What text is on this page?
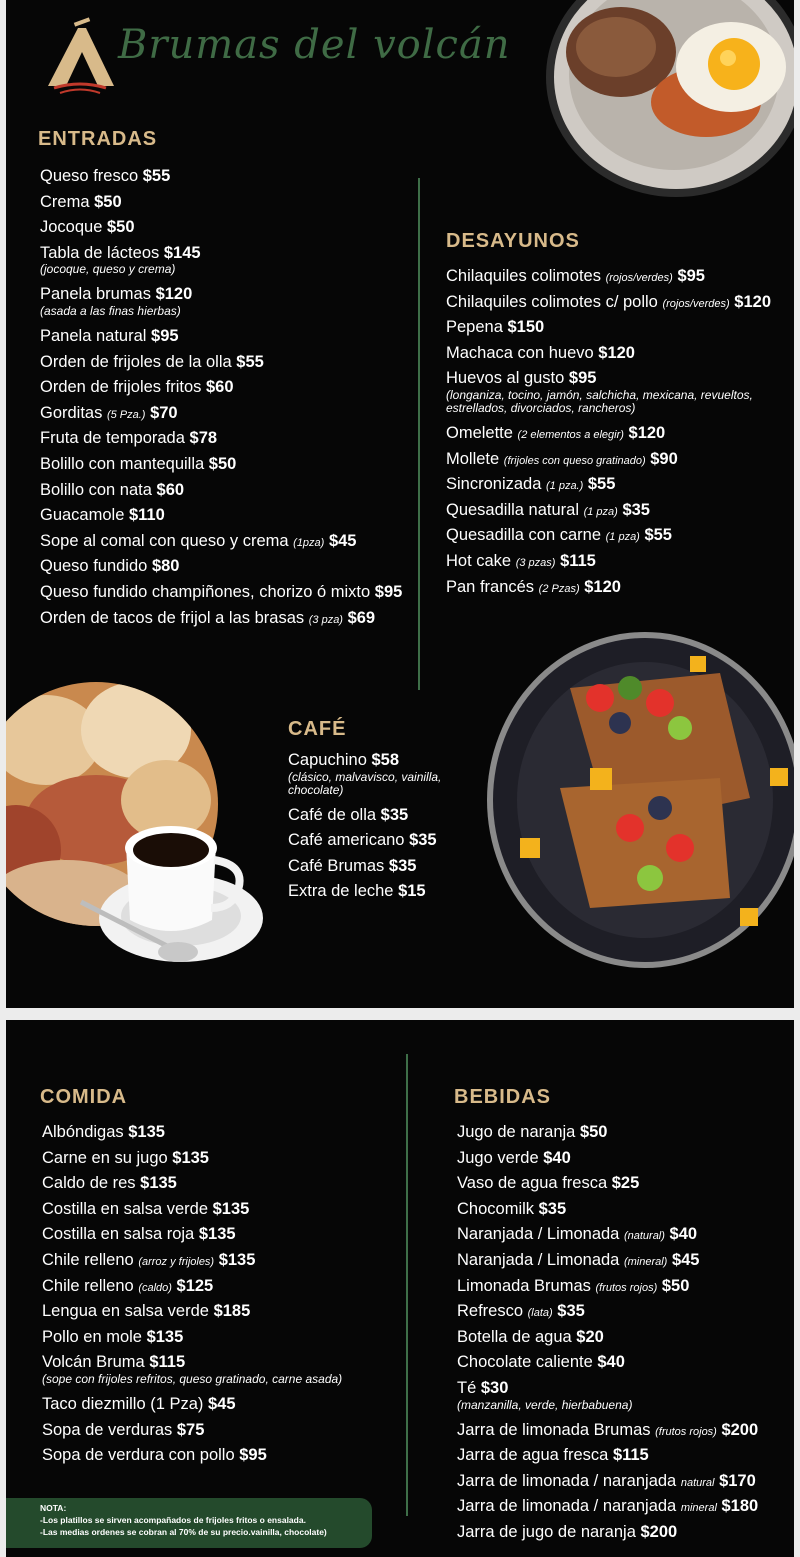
Brumas del volcán
ENTRADAS
Queso fresco $55
Crema $50
Jocoque $50
Tabla de lácteos $145
(jocoque, queso y crema)
Panela brumas $120
(asada a las finas hierbas)
Panela natural $95
Orden de frijoles de la olla $55
Orden de frijoles fritos $60
Gorditas (5 Pza.) $70
Fruta de temporada $78
Bolillo con mantequilla $50
Bolillo con nata $60
Guacamole $110
Sope al comal con queso y crema (1pza) $45
Queso fundido $80
Queso fundido champiñones, chorizo ó mixto $95
Orden de tacos de frijol a las brasas (3 pza) $69
DESAYUNOS
Chilaquiles colimotes (rojos/verdes) $95
Chilaquiles colimotes c/ pollo (rojos/verdes) $120
Pepena $150
Machaca con huevo $120
Huevos al gusto $95
(longaniza, tocino, jamón, salchicha, mexicana, revueltos, estrellados, divorciados, rancheros)
Omelette (2 elementos a elegir) $120
Mollete (frijoles con queso gratinado) $90
Sincronizada (1 pza.) $55
Quesadilla natural (1 pza) $35
Quesadilla con carne (1 pza) $55
Hot cake (3 pzas) $115
Pan francés (2 Pzas) $120
CAFÉ
Capuchino $58
(clásico, malvavisco, vainilla, chocolate)
Café de olla $35
Café americano $35
Café Brumas $35
Extra de leche $15
COMIDA
Albóndigas $135
Carne en su jugo $135
Caldo de res $135
Costilla en salsa verde $135
Costilla en salsa roja $135
Chile relleno (arroz y frijoles) $135
Chile relleno (caldo) $125
Lengua en salsa verde $185
Pollo en mole $135
Volcán Bruma $115
(sope con frijoles refritos, queso gratinado, carne asada)
Taco diezmillo (1 Pza) $45
Sopa de verduras $75
Sopa de verdura con pollo $95
BEBIDAS
Jugo de naranja $50
Jugo verde $40
Vaso de agua fresca $25
Chocomilk $35
Naranjada / Limonada (natural) $40
Naranjada / Limonada (mineral) $45
Limonada Brumas (frutos rojos) $50
Refresco (lata) $35
Botella de agua $20
Chocolate caliente $40
Té $30
(manzanilla, verde, hierbabuena)
Jarra de limonada Brumas (frutos rojos) $200
Jarra de agua fresca $115
Jarra de limonada / naranjada natural $170
Jarra de limonada / naranjada mineral $180
Jarra de jugo de naranja $200
NOTA:
-Los platillos se sirven acompañados de frijoles fritos o ensalada.
-Las medias ordenes se cobran al 70% de su precio.vainilla, chocolate)
